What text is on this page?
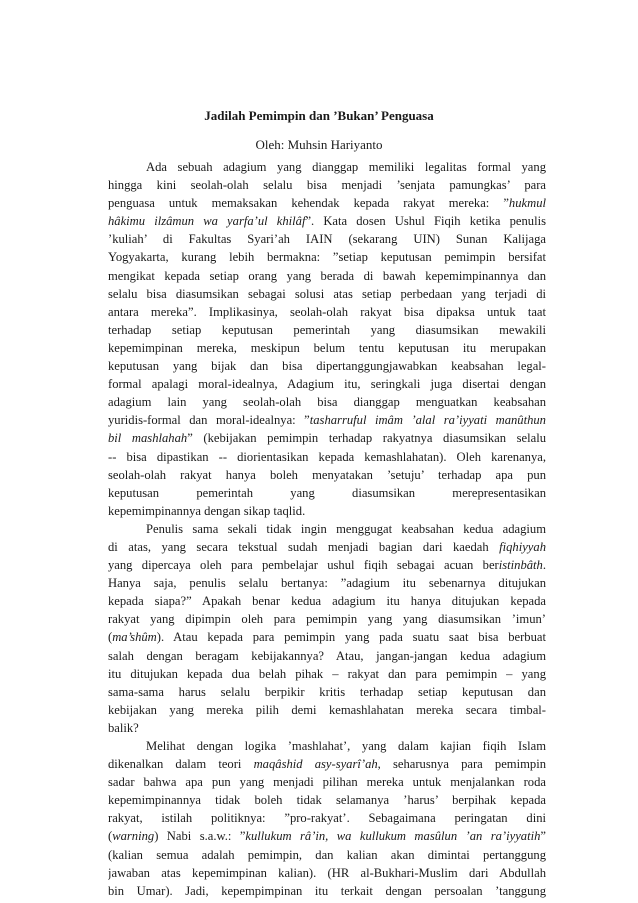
Jadilah Pemimpin dan ’Bukan’ Penguasa
Oleh: Muhsin Hariyanto
Ada sebuah adagium yang dianggap memiliki legalitas formal yang
hingga kini seolah-olah selalu bisa menjadi ’senjata pamungkas’ para
penguasa untuk memaksakan kehendak kepada rakyat mereka: ”hukmul
hâkimu ilzâmun wa yarfa’ul khilâf”. Kata dosen Ushul Fiqih ketika penulis
’kuliah’ di Fakultas Syari’ah IAIN (sekarang UIN) Sunan Kalijaga
Yogyakarta, kurang lebih bermakna: ”setiap keputusan pemimpin bersifat
mengikat kepada setiap orang yang berada di bawah kepemimpinannya dan
selalu bisa diasumsikan sebagai solusi atas setiap perbedaan yang terjadi di
antara mereka”. Implikasinya, seolah-olah rakyat bisa dipaksa untuk taat
terhadap setiap keputusan pemerintah yang diasumsikan mewakili
kepemimpinan mereka, meskipun belum tentu keputusan itu merupakan
keputusan yang bijak dan bisa dipertanggungjawabkan keabsahan legal-
formal apalagi moral-idealnya, Adagium itu, seringkali juga disertai dengan
adagium lain yang seolah-olah bisa dianggap menguatkan keabsahan
yuridis-formal dan moral-idealnya: ”tasharruful imâm ’alal ra’iyyati manûthun
bil mashlahah” (kebijakan pemimpin terhadap rakyatnya diasumsikan selalu
-- bisa dipastikan -- diorientasikan kepada kemashlahatan). Oleh karenanya,
seolah-olah rakyat hanya boleh menyatakan ’setuju’ terhadap apa pun
keputusan pemerintah yang diasumsikan merepresentasikan
kepemimpinannya dengan sikap taqlid.
Penulis sama sekali tidak ingin menggugat keabsahan kedua adagium
di atas, yang secara tekstual sudah menjadi bagian dari kaedah fiqhiyyah
yang dipercaya oleh para pembelajar ushul fiqih sebagai acuan beristinbâth.
Hanya saja, penulis selalu bertanya: ”adagium itu sebenarnya ditujukan
kepada siapa?” Apakah benar kedua adagium itu hanya ditujukan kepada
rakyat yang dipimpin oleh para pemimpin yang yang diasumsikan ’imun’
(ma’shûm). Atau kepada para pemimpin yang pada suatu saat bisa berbuat
salah dengan beragam kebijakannya? Atau, jangan-jangan kedua adagium
itu ditujukan kepada dua belah pihak – rakyat dan para pemimpin – yang
sama-sama harus selalu berpikir kritis terhadap setiap keputusan dan
kebijakan yang mereka pilih demi kemashlahatan mereka secara timbal-
balik?
Melihat dengan logika ’mashlahat’, yang dalam kajian fiqih Islam
dikenalkan dalam teori maqâshid asy-syarî’ah, seharusnya para pemimpin
sadar bahwa apa pun yang menjadi pilihan mereka untuk menjalankan roda
kepemimpinannya tidak boleh tidak selamanya ’harus’ berpihak kepada
rakyat, istilah politiknya: ”pro-rakyat’. Sebagaimana peringatan dini
(warning) Nabi s.a.w.: ”kullukum râ’in, wa kullukum masûlun ’an ra’iyyatih”
(kalian semua adalah pemimpin, dan kalian akan dimintai pertanggung
jawaban atas kepemimpinan kalian). (HR al-Bukhari-Muslim dari Abdullah
bin Umar). Jadi, kepempimpinan itu terkait dengan persoalan ’tanggung
